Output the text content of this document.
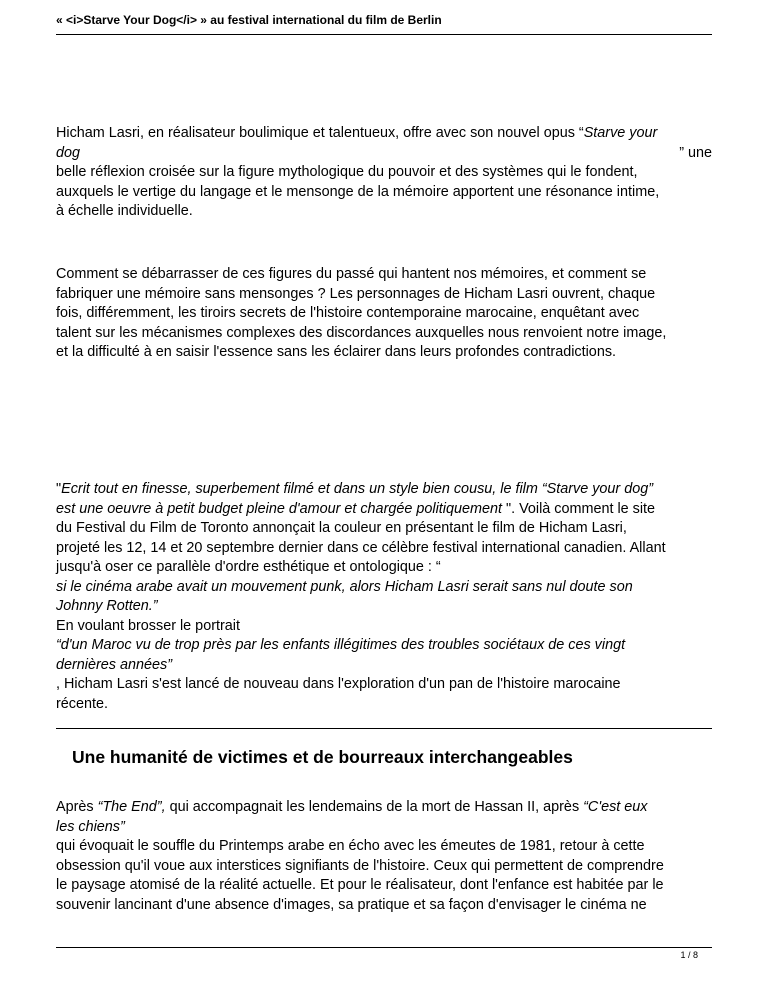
« <i>Starve Your Dog</i> » au festival international du film de Berlin
Hicham Lasri, en réalisateur boulimique et talentueux, offre avec son nouvel opus “Starve your
dog	” une
belle réflexion croisée sur la figure mythologique du pouvoir et des systèmes qui le fondent,
auxquels le vertige du langage et le mensonge de la mémoire apportent une résonance intime,
à échelle individuelle.
Comment se débarrasser de ces figures du passé qui hantent nos mémoires, et comment se
fabriquer une mémoire sans mensonges ? Les personnages de Hicham Lasri ouvrent, chaque
fois, différemment, les tiroirs secrets de l'histoire contemporaine marocaine, enquêtant avec
talent sur les mécanismes complexes des discordances auxquelles nous renvoient notre image,
et la difficulté à en saisir l'essence sans les éclairer dans leurs profondes contradictions.
"Ecrit tout en finesse, superbement filmé et dans un style bien cousu, le film “Starve your dog”
est une oeuvre à petit budget pleine d'amour et chargée politiquement ". Voilà comment le site
du Festival du Film de Toronto annonçait la couleur en présentant le film de Hicham Lasri,
projeté les 12, 14 et 20 septembre dernier dans ce célèbre festival international canadien. Allant
jusqu'à oser ce parallèle d'ordre esthétique et ontologique : “
si le cinéma arabe avait un mouvement punk, alors Hicham Lasri serait sans nul doute son
Johnny Rotten.”
En voulant brosser le portrait
“d'un Maroc vu de trop près par les enfants illégitimes des troubles sociétaux de ces vingt
dernières années”
, Hicham Lasri s'est lancé de nouveau dans l'exploration d'un pan de l'histoire marocaine
récente.
Une humanité de victimes et de bourreaux interchangeables
Après “The End”, qui accompagnait les lendemains de la mort de Hassan II, après “C'est eux
les chiens”
qui évoquait le souffle du Printemps arabe en écho avec les émeutes de 1981, retour à cette
obsession qu'il voue aux interstices signifiants de l'histoire. Ceux qui permettent de comprendre
le paysage atomisé de la réalité actuelle. Et pour le réalisateur, dont l'enfance est habitée par le
souvenir lancinant d'une absence d'images, sa pratique et sa façon d'envisager le cinéma ne
1 / 8
